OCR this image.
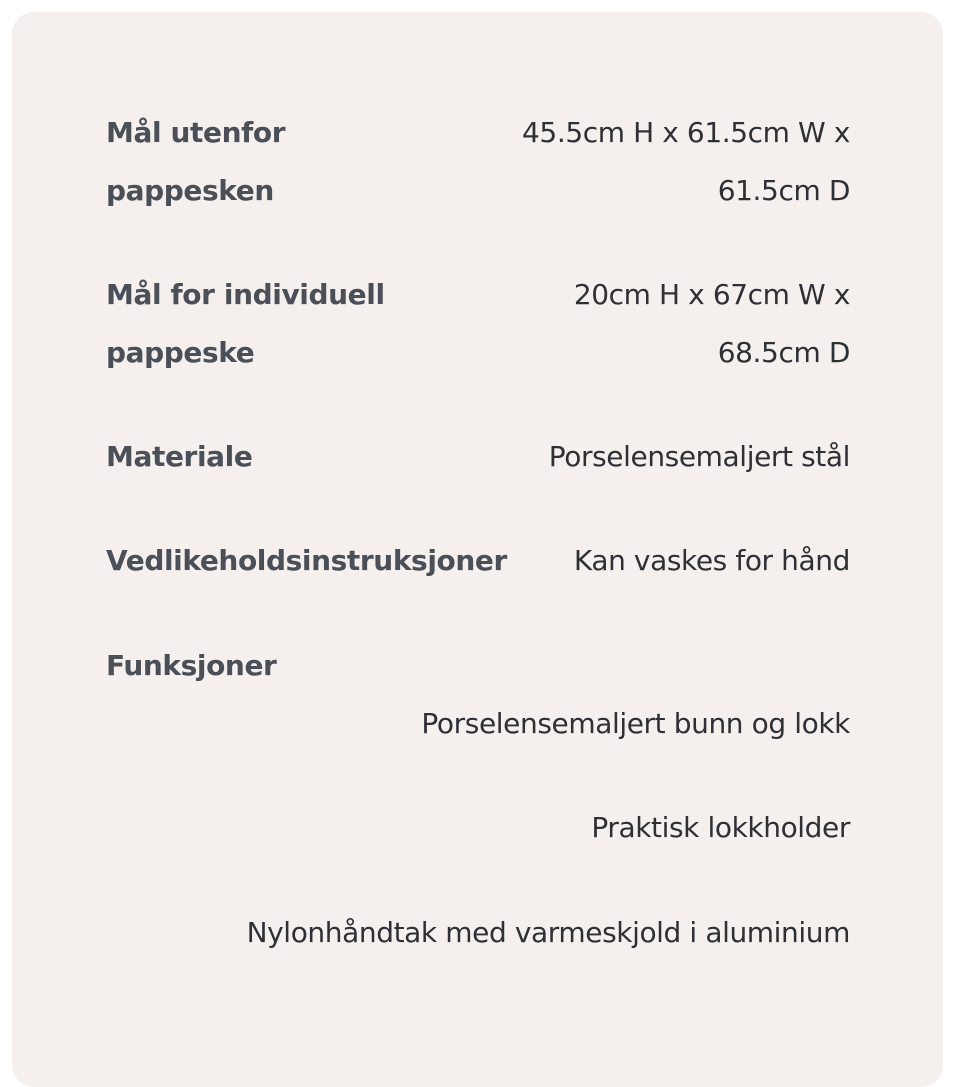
Mål utenfor
pappesken
45.5cm H x 61.5cm W x
61.5cm D
Mål for individuell
pappeske
20cm H x 67cm W x
68.5cm D
Materiale	Porselensemaljert stål
Vedlikeholdsinstruksjoner Kan vaskes for hånd
Funksjoner
Porselensemaljert bunn og lokk
Praktisk lokkholder
Nylonhåndtak med varmeskjold i aluminium
